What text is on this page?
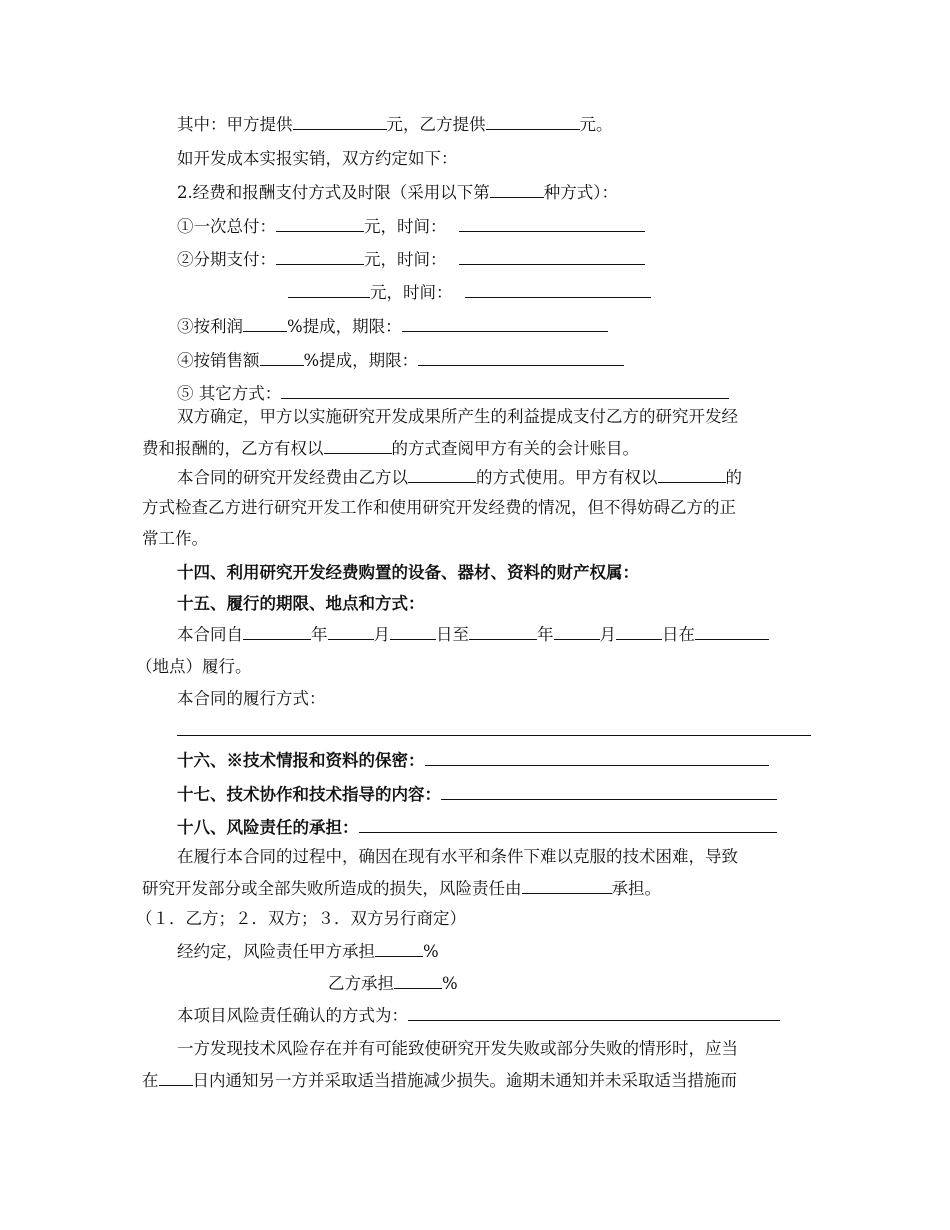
其中：甲方提供	元，乙方提供	元。
如开发成本实报实销，双方约定如下：
2.经费和报酬支付方式及时限（采用以下第	种方式）：
①一次总付：	元，时间：
②分期支付：	元，时间：
元，时间：
③按利润	%提成，期限：
④按销售额	%提成，期限：
⑤ 其它方式：
双方确定，甲方以实施研究开发成果所产生的利益提成支付乙方的研究开发经
费和报酬的，乙方有权以	的方式查阅甲方有关的会计账目。
本合同的研究开发经费由乙方以	的方式使用。甲方有权以	的
方式检查乙方进行研究开发工作和使用研究开发经费的情况，但不得妨碍乙方的正
常工作。
十四、利用研究开发经费购置的设备、器材、资料的财产权属：
十五、履行的期限、地点和方式：
本合同自	年	月	日至	年	月	日在
（地点）履行。
本合同的履行方式：
十六、※技术情报和资料的保密：
十七、技术协作和技术指导的内容：
十八、风险责任的承担：
在履行本合同的过程中，确因在现有水平和条件下难以克服的技术困难，导致
研究开发部分或全部失败所造成的损失，风险责任由	承担。
（１．乙方；２．双方；３．双方另行商定）
经约定，风险责任甲方承担	%
乙方承担	%
本项目风险责任确认的方式为：
一方发现技术风险存在并有可能致使研究开发失败或部分失败的情形时，应当
在 日内通知另一方并采取适当措施减少损失。逾期未通知并未采取适当措施而
